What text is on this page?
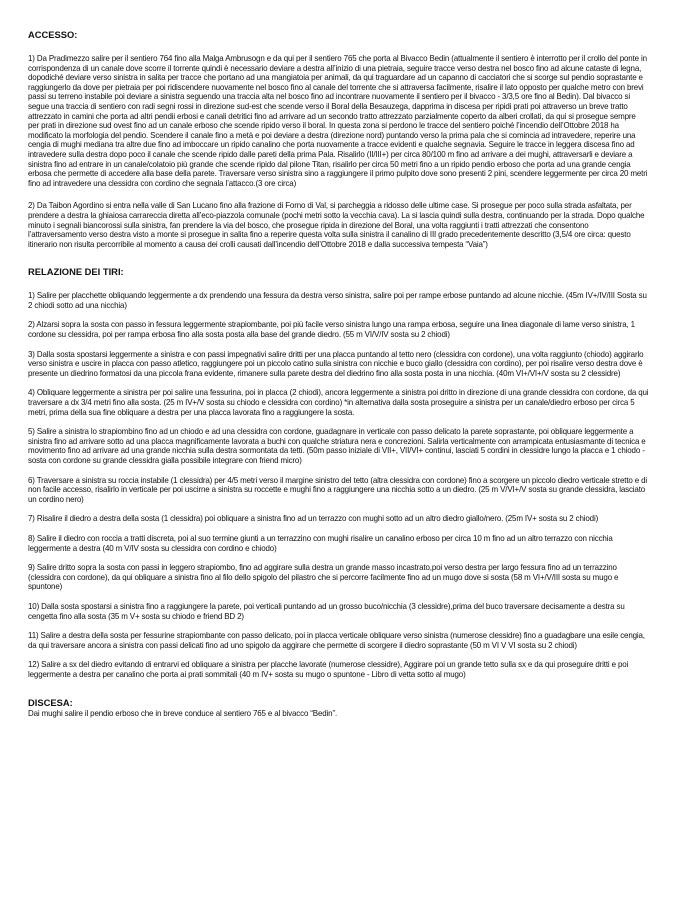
ACCESSO:
1) Da Pradimezzo salire per il sentiero 764 fino alla Malga Ambrusogn e da qui per il sentiero 765 che porta al Bivacco Bedin (attualmente il sentiero è interrotto per il crollo del ponte in corrispondenza di un canale dove scorre il torrente quindi è necessario deviare a destra all’inizio di una pietraia, seguire tracce verso destra nel bosco fino ad alcune cataste di legna, dopodiché deviare verso sinistra in salita per tracce che portano ad una mangiatoia per animali, da qui traguardare ad un capanno di cacciatori che si scorge sul pendio soprastante e raggiungerlo da dove per pietraia per poi ridiscendere nuovamente nel bosco fino al canale del torrente che si attraversa facilmente, risalire il lato opposto per qualche metro con brevi passi su terreno instabile poi deviare a sinistra seguendo una traccia alta nel bosco fino ad incontrare nuovamente il sentiero per il bivacco - 3/3,5 ore fino al Bedin). Dal bivacco si segue una traccia di sentiero con radi segni rossi in direzione sud-est che scende verso il Boral della Besauzega, dapprima in discesa per ripidi prati poi attraverso un breve tratto attrezzato in camini che porta ad altri pendii erbosi e canali detritici fino ad arrivare ad un secondo tratto attrezzato parzialmente coperto da alberi crollati, da qui si prosegue sempre per prati in direzione sud ovest fino ad un canale erboso che scende ripido verso il boral. In questa zona si perdono le tracce del sentiero poiché l’incendio dell’Ottobre 2018 ha modificato la morfologia del pendio. Scendere il canale fino a metà e poi deviare a destra (direzione nord) puntando verso la prima pala che si comincia ad intravedere, reperire una cengia di mughi mediana tra altre due fino ad imboccare un ripido canalino che porta nuovamente a tracce evidenti e qualche segnavia. Seguire le tracce in leggera discesa fino ad intravedere sulla destra dopo poco il canale che scende ripido dalle pareti della prima Pala. Risalirlo (II/III+) per circa 80/100 m fino ad arrivare a dei mughi, attraversarli e deviare a sinistra fino ad entrare in un canale/colatoio più grande che scende ripido dal pilone Titan, risalirlo per circa 50 metri fino a un ripido pendio erboso che porta ad una grande cengia erbosa che permette di accedere alla base della parete. Traversare verso sinistra sino a raggiungere il primo pulpito dove sono presenti 2 pini, scendere leggermente per circa 20 metri fino ad intravedere una clessidra con cordino che segnala l’attacco.(3 ore circa)
2) Da Taibon Agordino si entra nella valle di San Lucano fino alla frazione di Forno di Val, si parcheggia a ridosso delle ultime case. Si prosegue per poco sulla strada asfaltata, per prendere a destra la ghiaiosa carrareccia diretta all’eco-piazzola comunale (pochi metri sotto la vecchia cava). La si lascia quindi sulla destra, continuando per la strada. Dopo qualche minuto i segnali biancorossi sulla sinistra, fan prendere la via del bosco, che prosegue ripida in direzione del Boral, una volta raggiunti i tratti attrezzati che consentono l’attraversamento verso destra visto a monte si prosegue in salita fino a reperire questa volta sulla sinistra il canalino di III grado precedentemente descritto (3,5/4 ore circa: questo itinerario non risulta percorribile al momento a causa dei crolli causati dall’incendio dell’Ottobre 2018 e dalla successiva tempesta “Vaia”)
RELAZIONE DEI TIRI:
1) Salire per placchette obliquando leggermente a dx prendendo una fessura da destra verso sinistra, salire poi per rampe erbose puntando ad alcune nicchie. (45m IV+/IV/III Sosta su 2 chiodi sotto ad una nicchia)
2) Alzarsi sopra la sosta con passo in fessura leggermente strapiombante, poi più facile verso sinistra lungo una rampa erbosa, seguire una linea diagonale di lame verso sinistra, 1 cordone su clessidra, poi per rampa erbosa fino alla sosta posta alla base del grande diedro. (55 m VI/V/IV sosta su 2 chiodi)
3) Dalla sosta spostarsi leggermente a sinistra e con passi impegnativi salire dritti per una placca puntando al tetto nero (clessidra con cordone), una volta raggiunto (chiodo) aggirarlo verso sinistra e uscire in placca con passo atletico, raggiungere poi un piccolo catino sulla sinistra con nicchie e buco giallo (clessidra con cordino), per poi risalire verso destra dove è presente un diedrino formatosi da una piccola frana evidente, rimanere sulla parete destra del diedrino fino alla sosta posta in una nicchia. (40m VI+/VI+/V sosta su 2 clessidre)
4) Obliquare leggermente a sinistra per poi salire una fessurina, poi in placca (2 chiodi), ancora leggermente a sinistra poi dritto in direzione di una grande clessidra con cordone, da qui traversare a dx 3/4 metri fino alla sosta. (25 m IV+/V sosta su chiodo e clessidra con cordino) *in alternativa dalla sosta proseguire a sinistra per un canale/diedro erboso per circa 5 metri, prima della sua fine obliquare a destra per una placca lavorata fino a raggiungere la sosta.
5) Salire a sinistra lo strapiombino fino ad un chiodo e ad una clessidra con cordone, guadagnare in verticale con passo delicato la parete soprastante, poi obliquare leggermente a sinistra fino ad arrivare sotto ad una placca magnificamente lavorata a buchi con qualche striatura nera e concrezioni. Salirla verticalmente con arrampicata entusiasmante di tecnica e movimento fino ad arrivare ad una grande nicchia sulla destra sormontata da tetti. (50m passo iniziale di VII+, VII/VI+ continui, lasciati 5 cordini in clessidre lungo la placca e 1 chiodo - sosta con cordone su grande clessidra gialla possibile integrare con friend micro)
6) Traversare a sinistra su roccia instabile (1 clessidra) per 4/5 metri verso il margine sinistro del tetto (altra clessidra con cordone) fino a scorgere un piccolo diedro verticale stretto e di non facile accesso, risalirlo in verticale per poi uscirne a sinistra su roccette e mughi fino a raggiungere una nicchia sotto a un diedro. (25 m V/VI+/V sosta su grande clessidra, lasciato un cordino nero)
7) Risalire il diedro a destra della sosta (1 clessidra) poi obliquare a sinistra fino ad un terrazzo con mughi sotto ad un altro diedro giallo/nero. (25m IV+ sosta su 2 chiodi)
8) Salire il diedro con roccia a tratti discreta, poi al suo termine giunti a un terrazzino con mughi risalire un canalino erboso per circa 10 m fino ad un altro terrazzo con nicchia leggermente a destra (40 m V/IV sosta su clessidra con cordino e chiodo)
9) Salire dritto sopra la sosta con passi in leggero strapiombo, fino ad aggirare sulla destra un grande masso incastrato,poi verso destra per largo fessura fino ad un terrazzino (clessidra con cordone), da qui obliquare a sinistra fino al filo dello spigolo del pilastro che si percorre facilmente fino ad un mugo dove si sosta (58 m VI+/V/III sosta su mugo e spuntone)
10) Dalla sosta spostarsi a sinistra fino a raggiungere la parete, poi verticali puntando ad un grosso buco/nicchia (3 clessidre),prima del buco traversare decisamente a destra su cengetta fino alla sosta (35 m V+ sosta su chiodo e friend BD 2)
11) Salire a destra della sosta per fessurine strapiombante con passo delicato, poi in placca verticale obliquare verso sinistra (numerose clessidre) fino a guadagbare una esile cengia, da qui traversare ancora a sinistra con passi delicati fino ad uno spigolo da aggirare che permette di scorgere il diedro soprastante (50 m VI V VI sosta su 2 chiodi)
12) Salire a sx del diedro evitando di entrarvi ed obliquare a sinistra per placche lavorate (numerose clessidre), Aggirare poi un grande tetto sulla sx e da qui proseguire dritti e poi leggermente a destra per canalino che porta ai prati sommitali (40 m IV+ sosta su mugo o spuntone - Libro di vetta sotto al mugo)
DISCESA:
Dai mughi salire il pendio erboso che in breve conduce al sentiero 765 e al bivacco “Bedin”.
